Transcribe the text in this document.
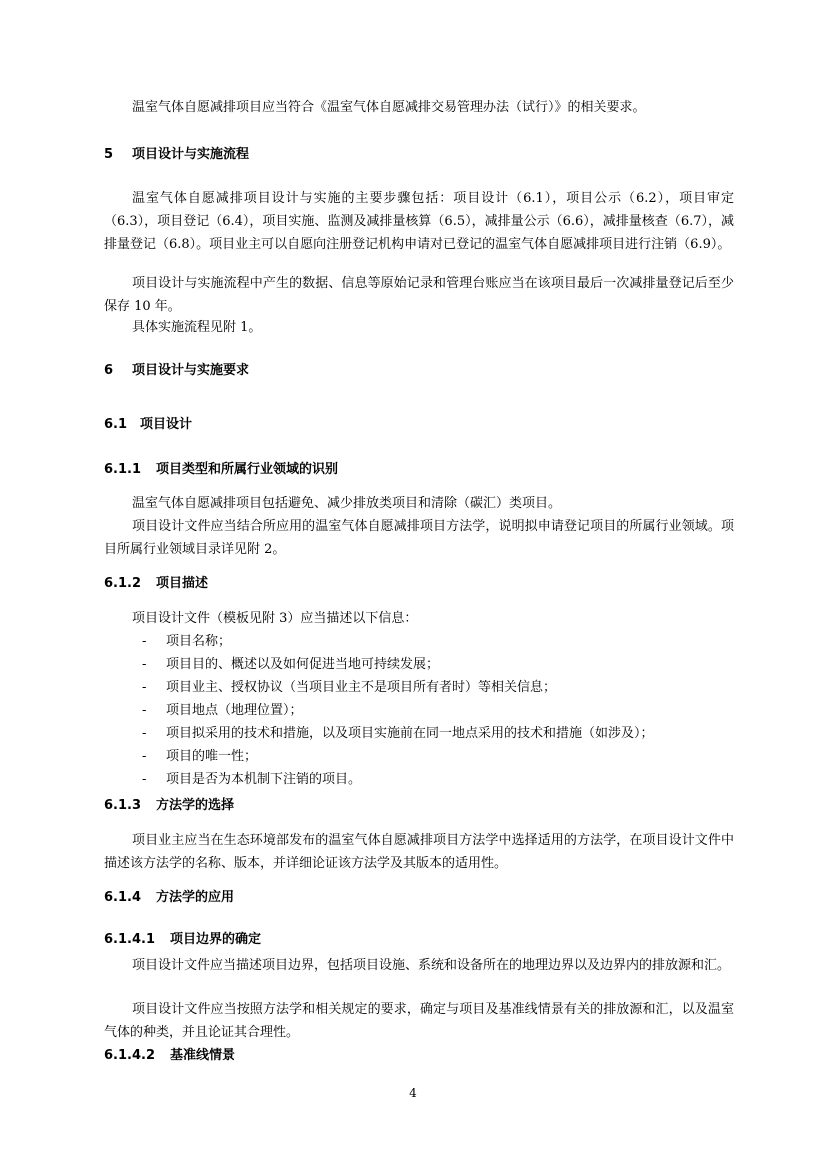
温室气体自愿减排项目应当符合《温室气体自愿减排交易管理办法（试行）》的相关要求。
5 项目设计与实施流程
温室气体自愿减排项目设计与实施的主要步骤包括：项目设计（6.1），项目公示（6.2），项目审定（6.3），项目登记（6.4），项目实施、监测及减排量核算（6.5），减排量公示（6.6），减排量核查（6.7），减排量登记（6.8）。项目业主可以自愿向注册登记机构申请对已登记的温室气体自愿减排项目进行注销（6.9）。
项目设计与实施流程中产生的数据、信息等原始记录和管理台账应当在该项目最后一次减排量登记后至少保存 10 年。
具体实施流程见附 1。
6 项目设计与实施要求
6.1 项目设计
6.1.1 项目类型和所属行业领域的识别
温室气体自愿减排项目包括避免、减少排放类项目和清除（碳汇）类项目。
项目设计文件应当结合所应用的温室气体自愿减排项目方法学，说明拟申请登记项目的所属行业领域。项目所属行业领域目录详见附 2。
6.1.2 项目描述
项目设计文件（模板见附 3）应当描述以下信息：
- 项目名称；
- 项目目的、概述以及如何促进当地可持续发展；
- 项目业主、授权协议（当项目业主不是项目所有者时）等相关信息；
- 项目地点（地理位置）；
- 项目拟采用的技术和措施，以及项目实施前在同一地点采用的技术和措施（如涉及）；
- 项目的唯一性；
- 项目是否为本机制下注销的项目。
6.1.3 方法学的选择
项目业主应当在生态环境部发布的温室气体自愿减排项目方法学中选择适用的方法学，在项目设计文件中描述该方法学的名称、版本，并详细论证该方法学及其版本的适用性。
6.1.4 方法学的应用
6.1.4.1 项目边界的确定
项目设计文件应当描述项目边界，包括项目设施、系统和设备所在的地理边界以及边界内的排放源和汇。
项目设计文件应当按照方法学和相关规定的要求，确定与项目及基准线情景有关的排放源和汇，以及温室气体的种类，并且论证其合理性。
6.1.4.2 基准线情景
4
